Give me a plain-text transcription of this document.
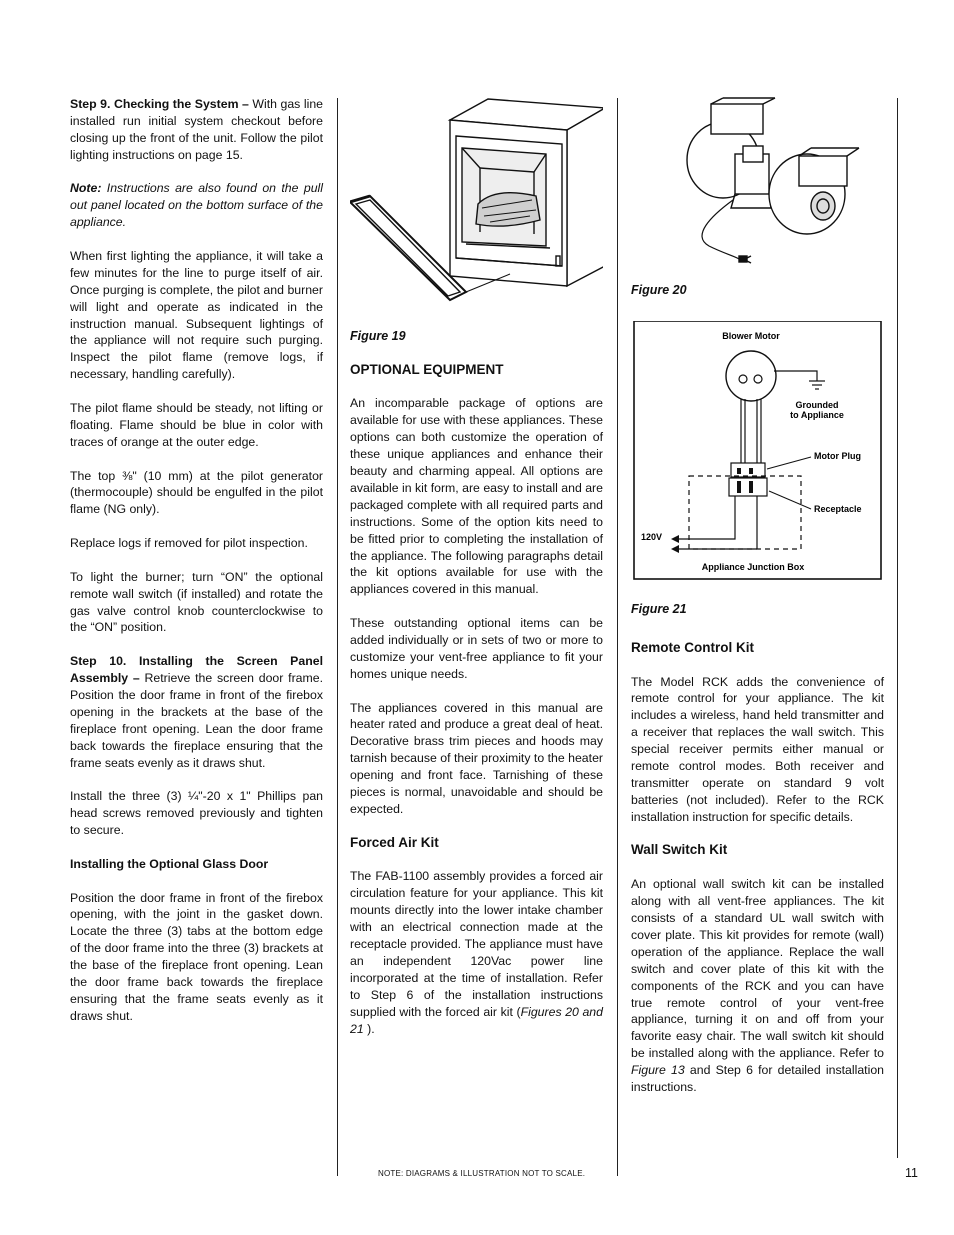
Step 9. Checking the System – With gas line installed run initial system checkout before closing up the front of the unit. Follow the pilot lighting instructions on page 15.

Note: Instructions are also found on the pull out panel located on the bottom surface of the appliance.

When first lighting the appliance, it will take a few minutes for the line to purge itself of air. Once purging is complete, the pilot and burner will light and operate as indicated in the instruction manual. Subsequent lightings of the appliance will not require such purging. Inspect the pilot flame (remove logs, if necessary, handling carefully).

The pilot flame should be steady, not lifting or floating. Flame should be blue in color with traces of orange at the outer edge.

The top ⅜" (10 mm) at the pilot generator (thermocouple) should be engulfed in the pilot flame (NG only).

Replace logs if removed for pilot inspection.

To light the burner; turn “ON” the optional remote wall switch (if installed) and rotate the gas valve control knob counterclockwise to the “ON” position.

Step 10. Installing the Screen Panel Assembly – Retrieve the screen door frame. Position the door frame in front of the firebox opening in the brackets at the base of the fireplace front opening. Lean the door frame back towards the fireplace ensuring that the frame seats evenly as it draws shut.

Install the three (3) ¼"-20 x 1" Phillips pan head screws removed previously and tighten to secure.

Installing the Optional Glass Door

Position the door frame in front of the firebox opening, with the joint in the gasket down. Locate the three (3) tabs at the bottom edge of the door frame into the three (3) brackets at the base of the fireplace front opening. Lean the door frame back towards the fireplace ensuring that the frame seats evenly as it draws shut.

Figure 19

OPTIONAL EQUIPMENT

An incomparable package of options are available for use with these appliances. These options can both customize the operation of these unique appliances and enhance their beauty and charming appeal. All options are available in kit form, are easy to install and are packaged complete with all required parts and instructions. Some of the option kits need to be fitted prior to completing the installation of the appliance. The following paragraphs detail the kit options available for use with the appliances covered in this manual.

These outstanding optional items can be added individually or in sets of two or more to customize your vent-free appliance to fit your homes unique needs.

The appliances covered in this manual are heater rated and produce a great deal of heat. Decorative brass trim pieces and hoods may tarnish because of their proximity to the heater opening and front face. Tarnishing of these pieces is normal, unavoidable and should be expected.

Forced Air Kit

The FAB-1100 assembly provides a forced air circulation feature for your appliance. This kit mounts directly into the lower intake chamber with an electrical connection made at the receptacle provided. The appliance must have an independent 120Vac power line incorporated at the time of installation. Refer to Step 6 of the installation instructions supplied with the forced air kit (Figures 20 and 21 ).

Figure 20

Blower Motor
Grounded
to Appliance
120V
Motor Plug
Receptacle
Appliance Junction Box

Figure 21

Remote Control Kit

The Model RCK adds the convenience of remote control for your appliance. The kit includes a wireless, hand held transmitter and a receiver that replaces the wall switch. This special receiver permits either manual or remote control modes. Both receiver and transmitter operate on standard 9 volt batteries (not included). Refer to the RCK installation instruction for specific details.

Wall Switch Kit

An optional wall switch kit can be installed along with all vent-free appliances. The kit consists of a standard UL wall switch with cover plate. This kit provides for remote (wall) operation of the appliance. Replace the wall switch and cover plate of this kit with the components of the RCK and you can have true remote control of your vent-free appliance, turning it on and off from your favorite easy chair. The wall switch kit should be installed along with the appliance. Refer to Figure 13 and Step 6 for detailed installation instructions.

NOTE: DIAGRAMS & ILLUSTRATION NOT TO SCALE.	11
